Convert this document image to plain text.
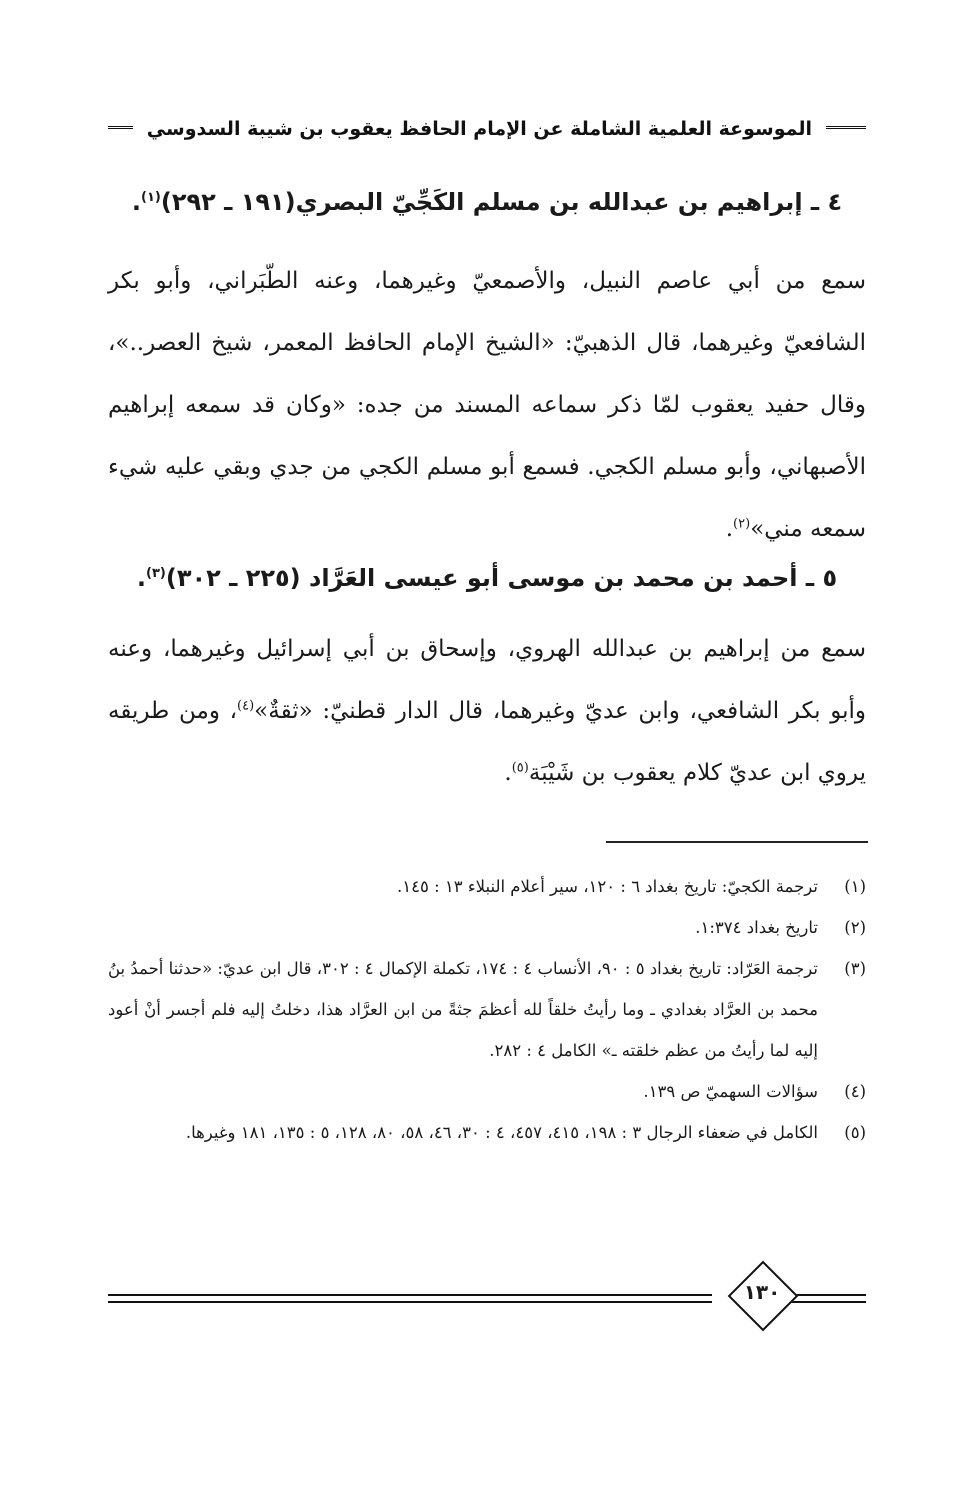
الموسوعة العلمية الشاملة عن الإمام الحافظ يعقوب بن شيبة السدوسي
٤ ـ إبراهيم بن عبدالله بن مسلم الكَجِّيّ البصري(١٩١ ـ ٢٩٢)$^{(١)}$.
سمع من أبي عاصم النبيل، والأصمعيّ وغيرهما، وعنه الطّبَراني، وأبو بكر الشافعيّ وغيرهما، قال الذهبيّ: «الشيخ الإمام الحافظ المعمر، شيخ العصر..»، وقال حفيد يعقوب لمّا ذكر سماعه المسند من جده: «وكان قد سمعه إبراهيم الأصبهاني، وأبو مسلم الكجي. فسمع أبو مسلم الكجي من جدي وبقي عليه شيء سمعه مني»$^{(٢)}$.
٥ ـ أحمد بن محمد بن موسى أبو عيسى العَرَّاد (٢٢٥ ـ ٣٠٢)$^{(٣)}$.
سمع من إبراهيم بن عبدالله الهروي، وإسحاق بن أبي إسرائيل وغيرهما، وعنه وأبو بكر الشافعي، وابن عديّ وغيرهما، قال الدار قطنيّ: «ثقةٌ»$^{(٤)}$، ومن طريقه يروي ابن عديّ كلام يعقوب بن شَيْبَة$^{(٥)}$.
(١)
ترجمة الكجيّ: تاريخ بغداد ٦ : ١٢٠، سير أعلام النبلاء ١٣ : ١٤٥.
(٢)
تاريخ بغداد ١:٣٧٤.
(٣)
ترجمة العَرّاد: تاريخ بغداد ٥ : ٩٠، الأنساب ٤ : ١٧٤، تكملة الإكمال ٤ : ٣٠٢، قال ابن عديّ: «حدثنا أحمدُ بنُ محمد بن العرَّاد بغدادي ـ وما رأيتُ خلقاً لله أعظمَ جثةً من ابن العرَّاد هذا، دخلتُ إليه فلم أجسر أنْ أعود إليه لما رأيتُ من عظم خلقته ـ» الكامل ٤ : ٢٨٢.
(٤)
سؤالات السهميّ ص ١٣٩.
(٥)
الكامل في ضعفاء الرجال ٣ : ١٩٨، ٤١٥، ٤٥٧، ٤ : ٣٠، ٤٦، ٥٨، ٨٠، ١٢٨، ٥ : ١٣٥، ١٨١ وغيرها.
١٣٠
